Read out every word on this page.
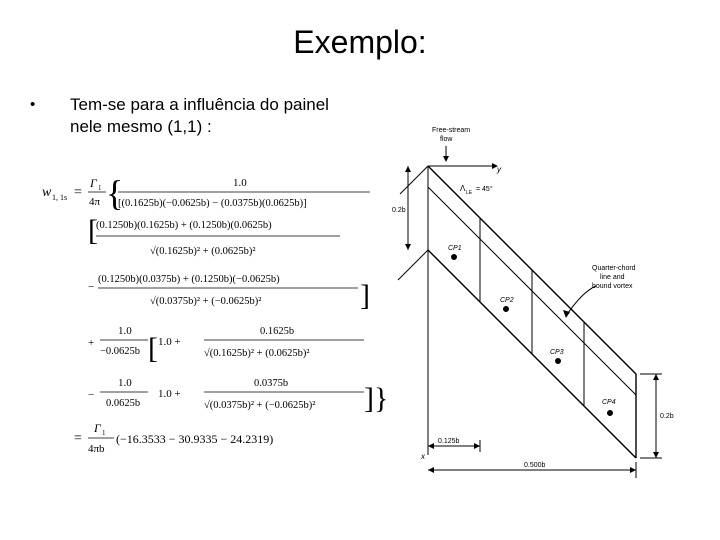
Exemplo:
• Tem-se para a influência do painel
nele mesmo (1,1) :
w 1, 1s =
Γ 1
4π {	1.0
[(0.1625b)(−0.0625b) − (0.0375b)(0.0625b)]
[
(0.1250b)(0.1625b) + (0.1250b)(0.0625b)
√(0.1625b)² + (0.0625b)²
−
(0.1250b)(0.0375b) + (0.1250b)(−0.0625b)
√(0.0375b)² + (−0.0625b)²	]
+
1.0
−0.0625b [ 1.0 +
0.1625b
√(0.1625b)² + (0.0625b)²
−
1.0
0.0625b
1.0 +
0.0375b
√(0.0375b)² + (−0.0625b)² ]}
=
Γ 1
4πb
(−16.3533 − 30.9335 − 24.2319)
Free-stream
flow
y
x
Λ LE = 45°
0.2b
0.2b
0.125b
0.500b
CP1
CP2
CP3
CP4
Quarter-chord
line and
bound vortex
